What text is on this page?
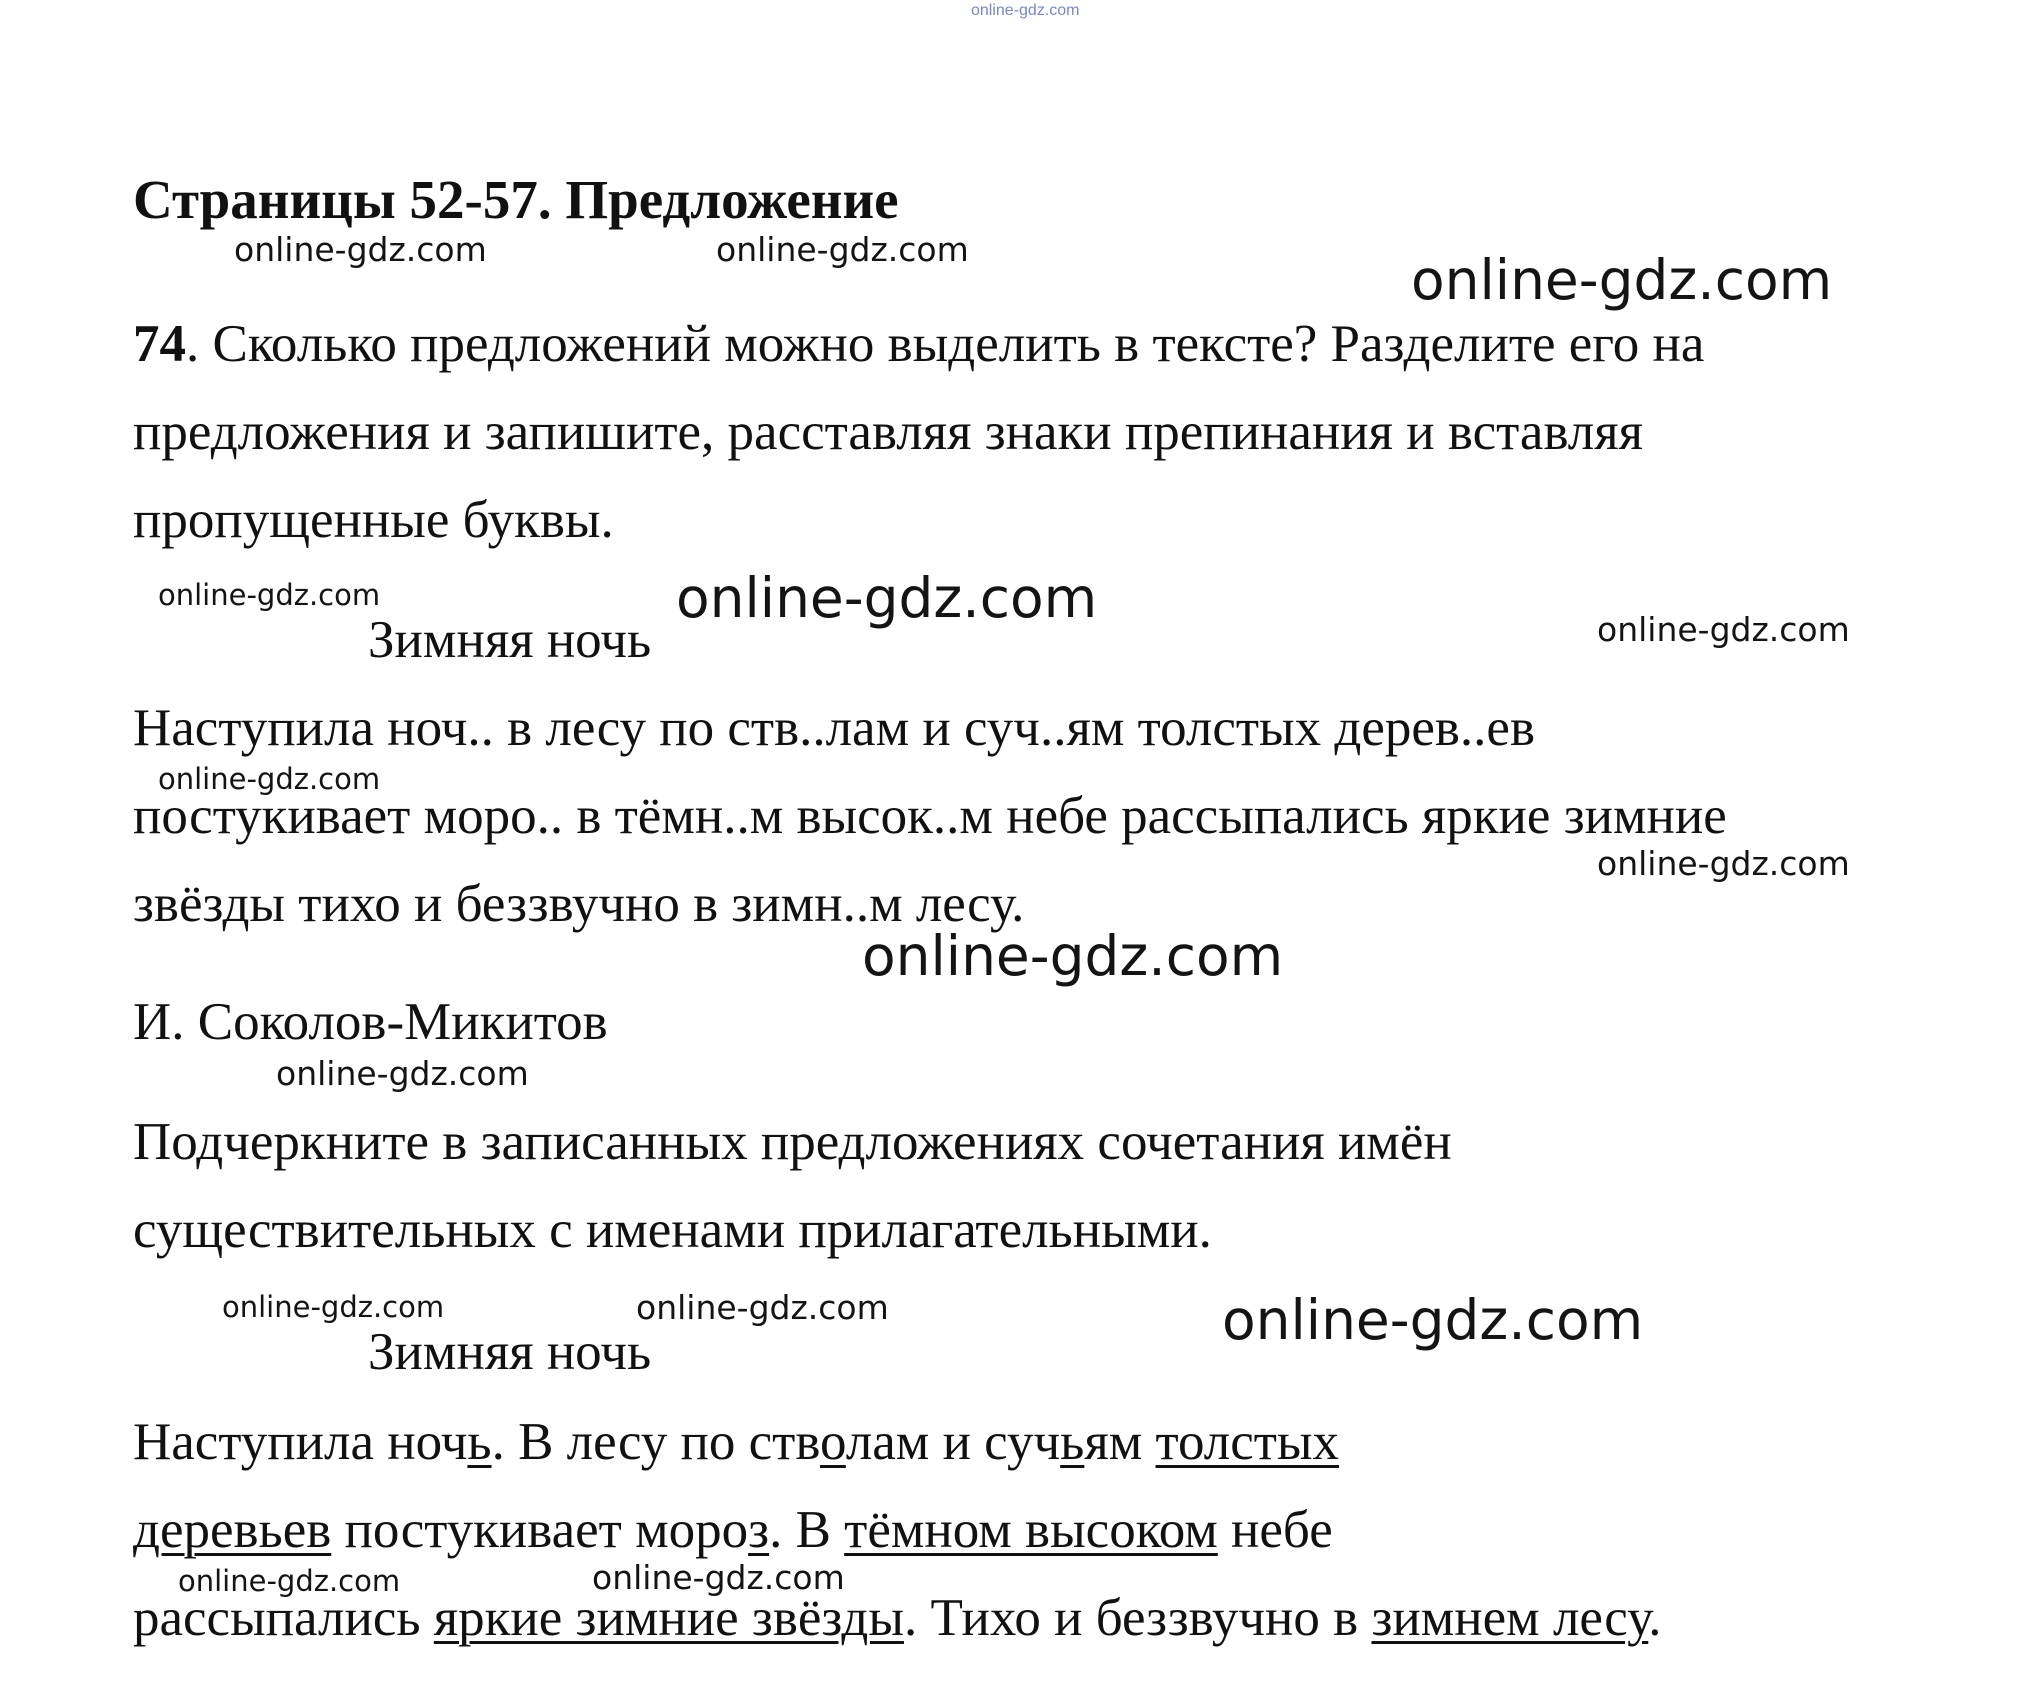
online-gdz.com
Страницы 52-57. Предложение
74. Сколько предложений можно выделить в тексте? Разделите его на
предложения и запишите, расставляя знаки препинания и вставляя
пропущенные буквы.
Зимняя ночь
Наступила ноч.. в лесу по ств..лам и суч..ям толстых дерев..ев
постукивает моро.. в тёмн..м высок..м небе рассыпались яркие зимние
звёзды тихо и беззвучно в зимн..м лесу.
И. Соколов-Микитов
Подчеркните в записанных предложениях сочетания имён
существительных с именами прилагательными.
Зимняя ночь
Наступила ночь. В лесу по стволам и сучьям толстых
деревьев постукивает мороз. В тёмном высоком небе
рассыпались яркие зимние звёзды. Тихо и беззвучно в зимнем лесу.
online-gdz.com	online-gdz.com	online-gdz.com
online-gdz.com	online-gdz.com	online-gdz.com
online-gdz.com
online-gdz.com
online-gdz.com
online-gdz.com
online-gdz.com	online-gdz.com	online-gdz.com
online-gdz.com	online-gdz.com
